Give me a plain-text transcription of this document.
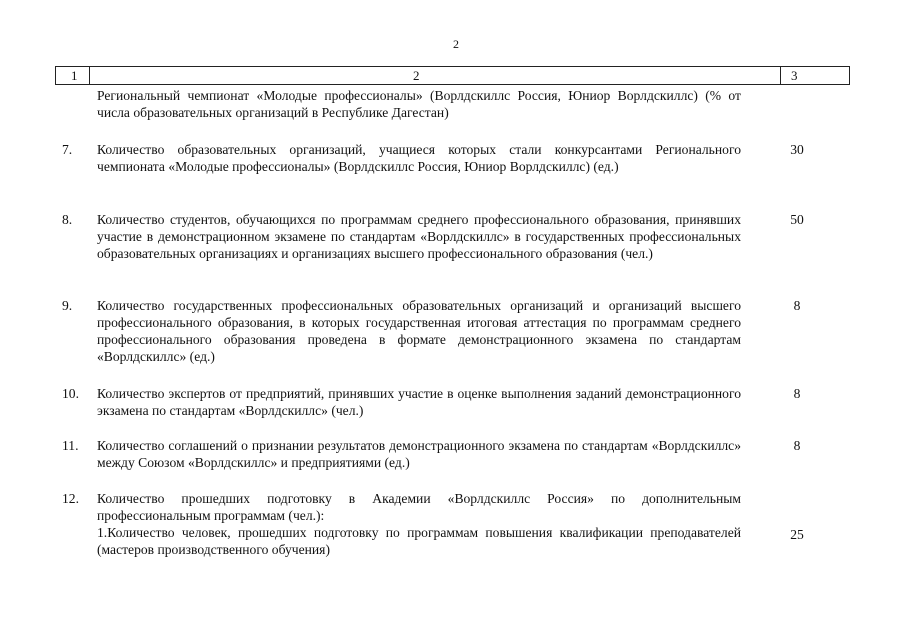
2
1	2	3
Региональный чемпионат «Молодые профессионалы» (Ворлдскиллс Россия, Юниор Ворлдскиллс) (% от числа образовательных организаций в Республике Дагестан)
7. Количество образовательных организаций, учащиеся которых стали конкурсантами Регионального чемпионата «Молодые профессионалы» (Ворлдскиллс Россия, Юниор Ворлдскиллс) (ед.)
30
8. Количество студентов, обучающихся по программам среднего профессионального образования, принявших участие в демонстрационном экзамене по стандартам «Ворлдскиллс» в государственных профессиональных образовательных организациях и организациях высшего профессионального образования (чел.)
50
9. Количество государственных профессиональных образовательных организаций и организаций высшего профессионального образования, в которых государственная итоговая аттестация по программам среднего профессионального образования проведена в формате демонстрационного экзамена по стандартам «Ворлдскиллс» (ед.)
8
10. Количество экспертов от предприятий, принявших участие в оценке выполнения заданий демонстрационного экзамена по стандартам «Ворлдскиллс» (чел.)
8
11. Количество соглашений о признании результатов демонстрационного экзамена по стандартам «Ворлдскиллс» между Союзом «Ворлдскиллс» и предприятиями (ед.)
8
12. Количество прошедших подготовку в Академии «Ворлдскиллс Россия» по дополнительным профессиональным программам (чел.):

1.Количество человек, прошедших подготовку по программам повышения квалификации преподавателей (мастеров производственного обучения)

25
